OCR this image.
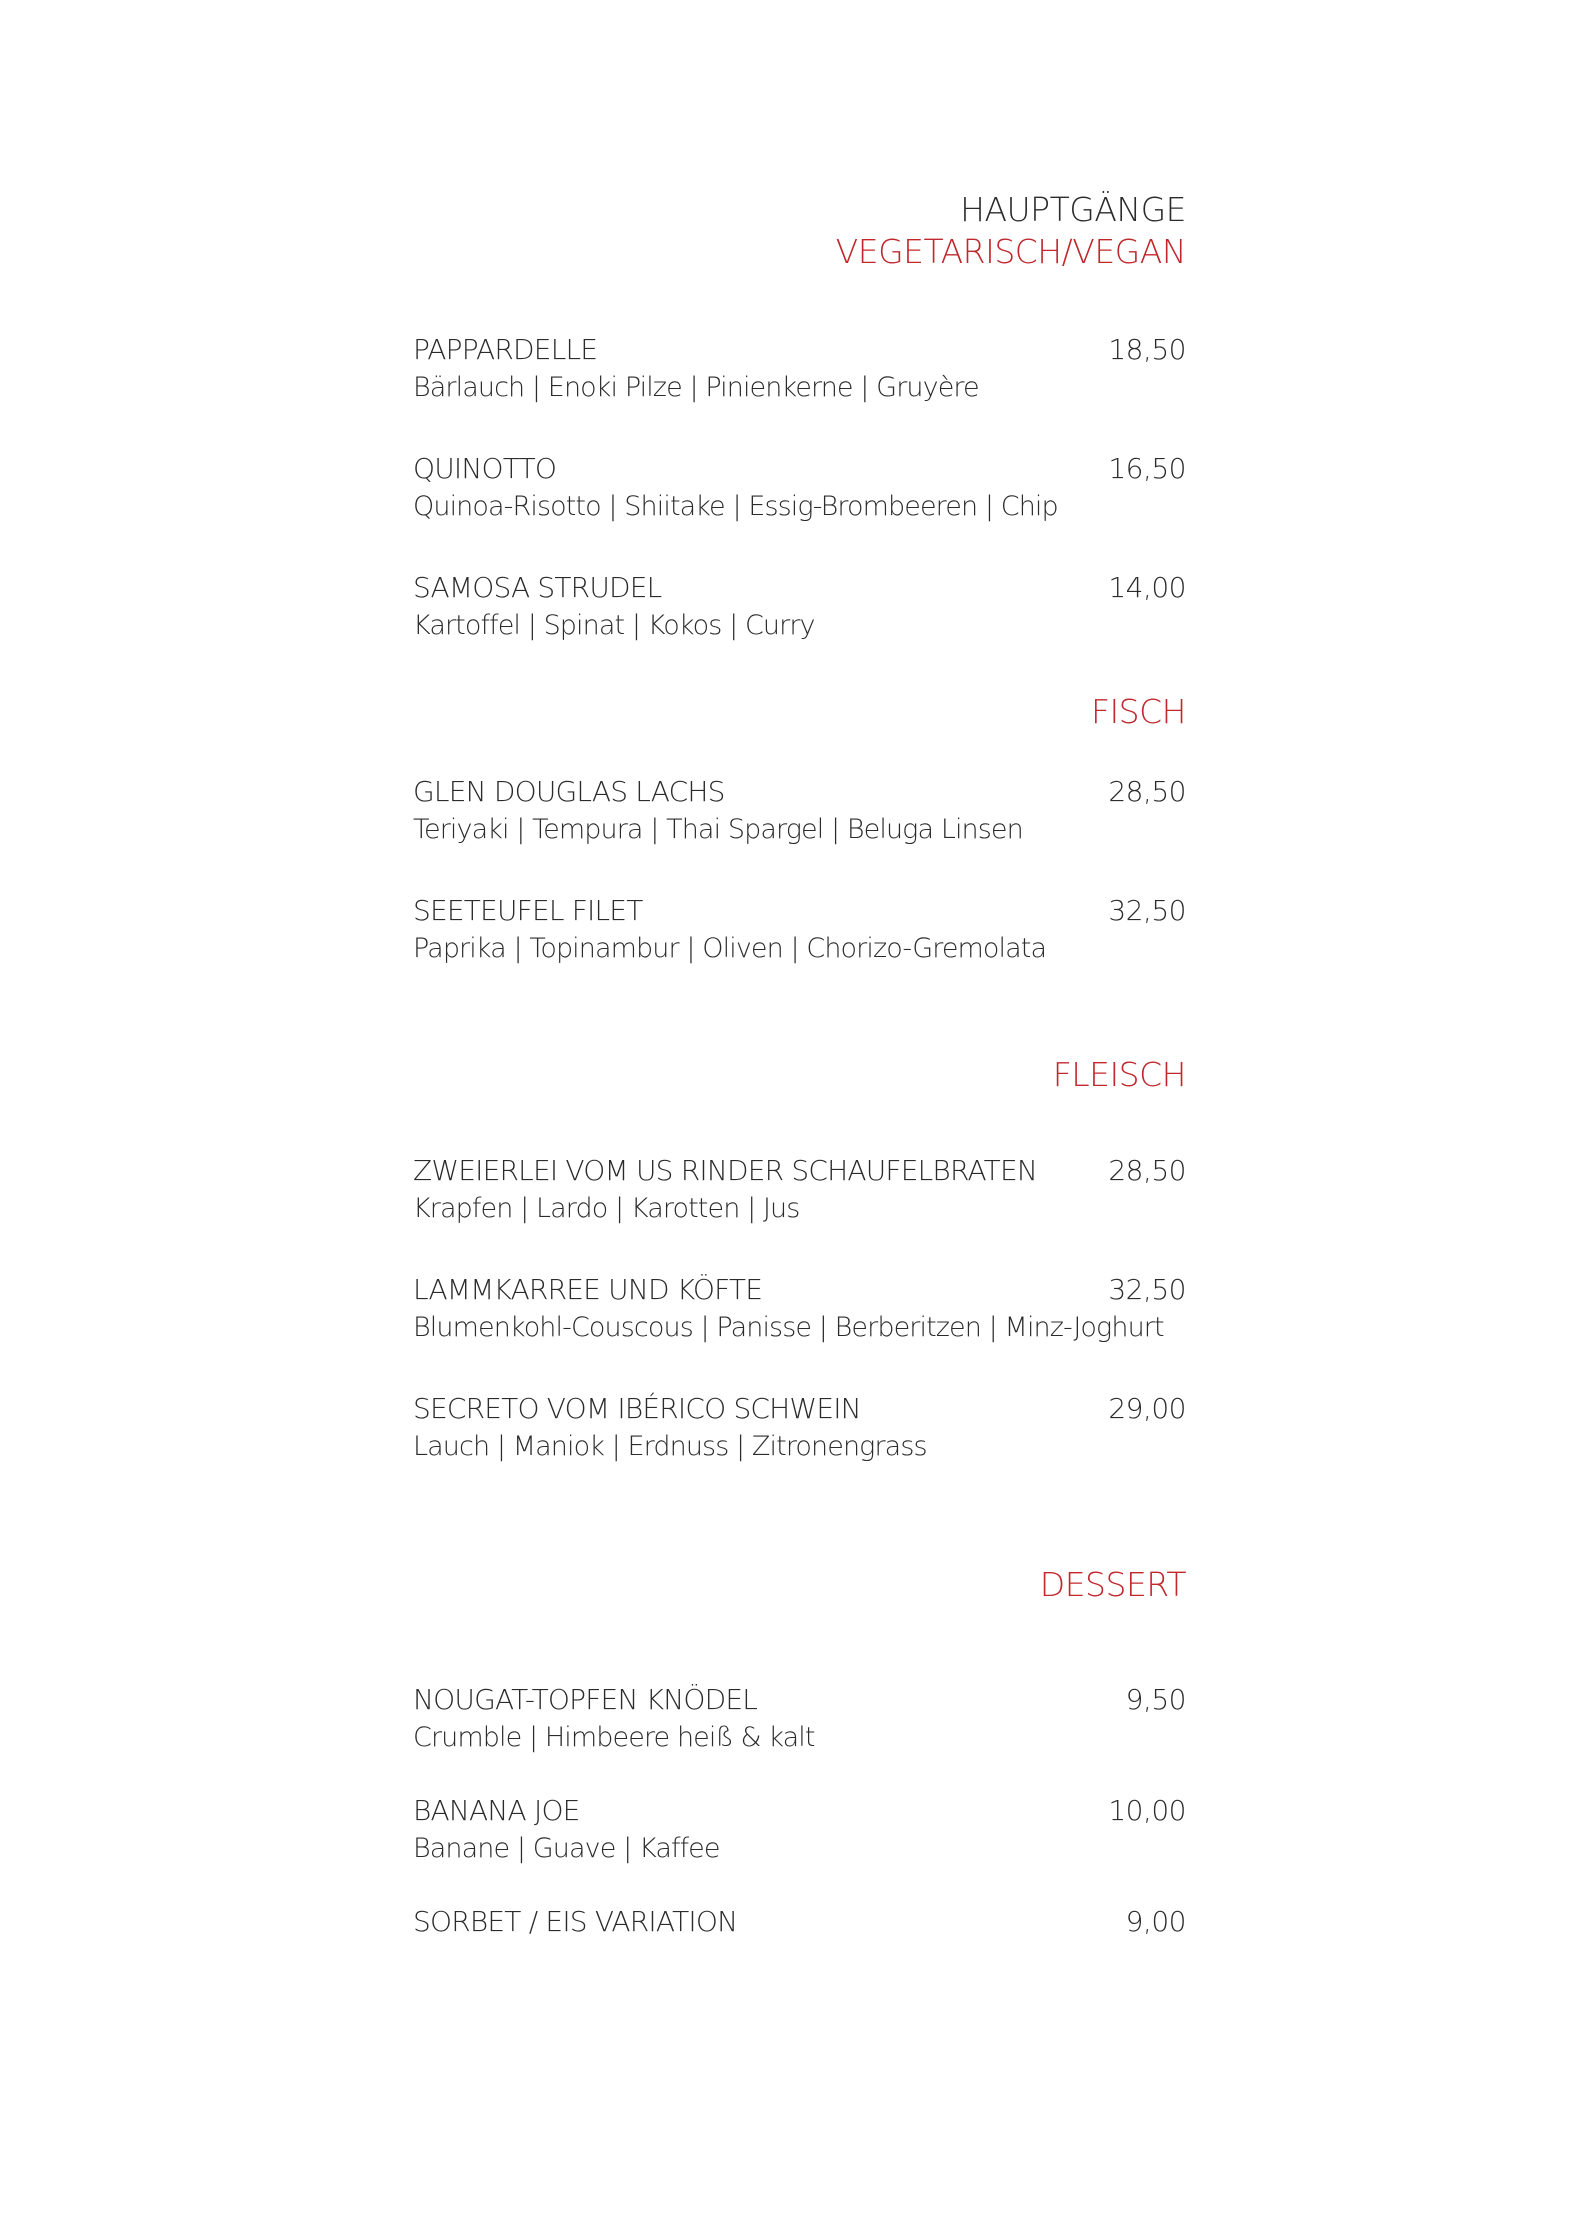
HAUPTGÄNGE
VEGETARISCH/VEGAN
PAPPARDELLE	18,50
Bärlauch | Enoki Pilze | Pinienkerne | Gruyère
QUINOTTO	16,50
Quinoa-Risotto | Shiitake | Essig-Brombeeren | Chip
SAMOSA STRUDEL	14,00
Kartoffel | Spinat | Kokos | Curry
FISCH
GLEN DOUGLAS LACHS	28,50
Teriyaki | Tempura | Thai Spargel | Beluga Linsen
SEETEUFEL FILET	32,50
Paprika | Topinambur | Oliven | Chorizo-Gremolata
FLEISCH
ZWEIERLEI VOM US RINDER SCHAUFELBRATEN	28,50
Krapfen | Lardo | Karotten | Jus
LAMMKARREE UND KÖFTE	32,50
Blumenkohl-Couscous | Panisse | Berberitzen | Minz-Joghurt
SECRETO VOM IBÉRICO SCHWEIN	29,00
Lauch | Maniok | Erdnuss | Zitronengrass
DESSERT
NOUGAT-TOPFEN KNÖDEL	9,50
Crumble | Himbeere heiß & kalt
BANANA JOE	10,00
Banane | Guave | Kaffee
SORBET / EIS VARIATION	9,00
